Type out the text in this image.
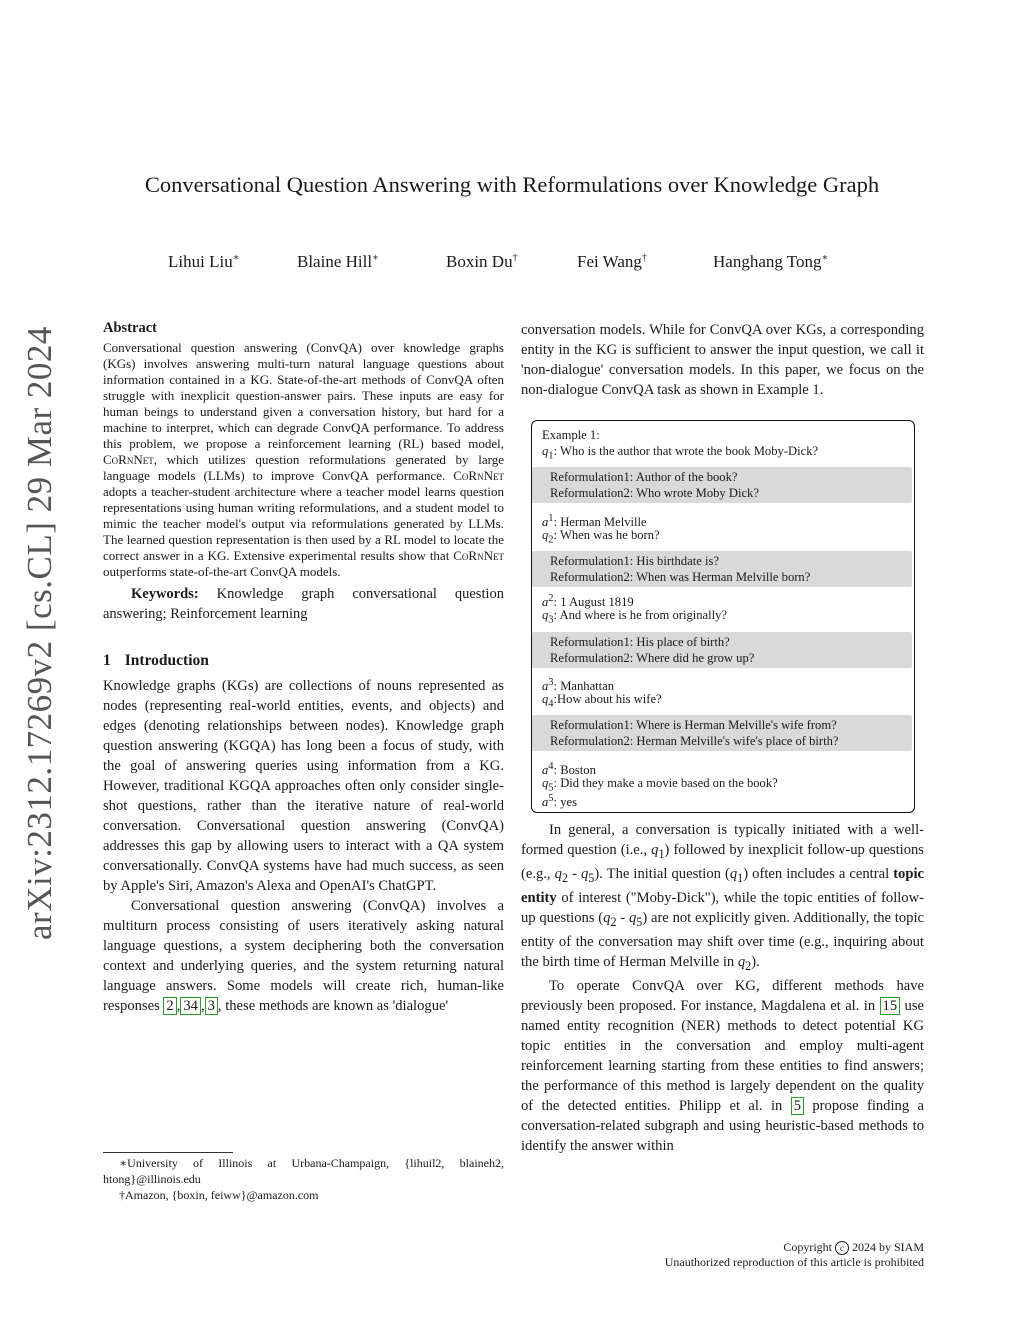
arXiv:2312.17269v2 [cs.CL] 29 Mar 2024
Conversational Question Answering with Reformulations over Knowledge Graph
Lihui Liu∗	Blaine Hill∗	Boxin Du†	Fei Wang†	Hanghang Tong∗
Abstract

Conversational question answering (ConvQA) over knowledge graphs (KGs) involves answering multi-turn natural language questions about information contained in a KG. State-of-the-art methods of ConvQA often struggle with inexplicit question-answer pairs. These inputs are easy for human beings to understand given a conversation history, but hard for a machine to interpret, which can degrade ConvQA performance. To address this problem, we propose a reinforcement learning (RL) based model, CoRnNet, which utilizes question reformulations generated by large language models (LLMs) to improve ConvQA performance. CoRnNet adopts a teacher-student architecture where a teacher model learns question representations using human writing reformulations, and a student model to mimic the teacher model's output via reformulations generated by LLMs. The learned question representation is then used by a RL model to locate the correct answer in a KG. Extensive experimental results show that CoRnNet outperforms state-of-the-art ConvQA models.

Keywords: Knowledge graph conversational question answering; Reinforcement learning

1 Introduction

Knowledge graphs (KGs) are collections of nouns represented as nodes (representing real-world entities, events, and objects) and edges (denoting relationships between nodes). Knowledge graph question answering (KGQA) has long been a focus of study, with the goal of answering queries using information from a KG. However, traditional KGQA approaches often only consider single-shot questions, rather than the iterative nature of real-world conversation. Conversational question answering (ConvQA) addresses this gap by allowing users to interact with a QA system conversationally. ConvQA systems have had much success, as seen by Apple's Siri, Amazon's Alexa and OpenAI's ChatGPT.

Conversational question answering (ConvQA) involves a multiturn process consisting of users iteratively asking natural language questions, a system deciphering both the conversation context and underlying queries, and the system returning natural language answers. Some models will create rich, human-like responses 2 , 34 , 3 , these methods are known as 'dialogue'

conversation models. While for ConvQA over KGs, a corresponding entity in the KG is sufficient to answer the input question, we call it 'non-dialogue' conversation models. In this paper, we focus on the non-dialogue ConvQA task as shown in Example 1.

Example 1:
$q_1$: Who is the author that wrote the book Moby-Dick?
Reformulation1: Author of the book?
Reformulation2: Who wrote Moby Dick?
$a^1$: Herman Melville
$q_2$: When was he born?
Reformulation1: His birthdate is?
Reformulation2: When was Herman Melville born?
$a^2$: 1 August 1819
$q_3$: And where is he from originally?
Reformulation1: His place of birth?
Reformulation2: Where did he grow up?
$a^3$: Manhattan
$q_4:How$ about his wife?
Reformulation1: Where is Herman Melville's wife from?
Reformulation2: Herman Melville's wife's place of birth?
$a^4$: Boston
$q_5$: Did they make a movie based on the book?
$a^5$: yes

In general, a conversation is typically initiated with a well-formed question (i.e., $q_1$) followed by inexplicit follow-up questions (e.g., $q_2 - q_5$). The initial question $(q_1)$ often includes a central topic entity of interest ("Moby-Dick"), while the topic entities of follow-up questions $(q_2 - q_5)$ are not explicitly given. Additionally, the topic entity of the conversation may shift over time (e.g., inquiring about the birth time of Herman Melville in $q_2$).

To operate ConvQA over KG, different methods have previously been proposed. For instance, Magdalena et al. in 15 use named entity recognition (NER) methods to detect potential KG topic entities in the conversation and employ multi-agent reinforcement learning starting from these entities to find answers; the performance of this method is largely dependent on the quality of the detected entities. Philipp et al. in 5 propose finding a conversation-related subgraph and using heuristic-based methods to identify the answer within

∗University of Illinois at Urbana-Champaign, {lihuil2, blaineh2, htong}@illinois.edu
†Amazon, {boxin, feiww}@amazon.com
Copyright c 2024 by SIAM
Unauthorized reproduction of this article is prohibited
